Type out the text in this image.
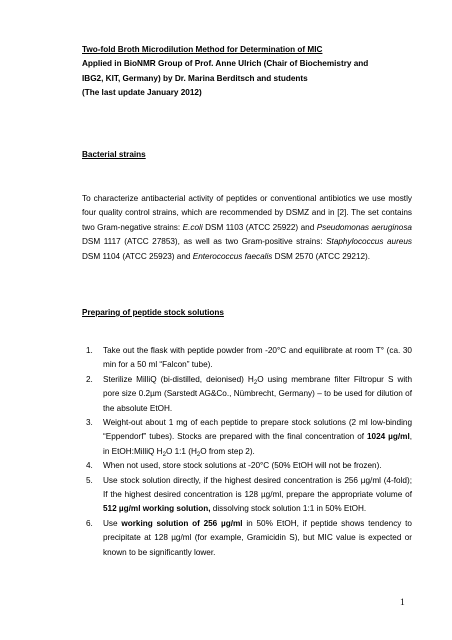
Two-fold Broth Microdilution Method for Determination of MIC
Applied in BioNMR Group of Prof. Anne Ulrich (Chair of Biochemistry and
IBG2, KIT, Germany) by Dr. Marina Berditsch and students
(The last update January 2012)
Bacterial strains
To characterize antibacterial activity of peptides or conventional antibiotics we use mostly four quality control strains, which are recommended by DSMZ and in [2]. The set contains two Gram-negative strains: E.coli DSM 1103 (ATCC 25922) and Pseudomonas aeruginosa DSM 1117 (ATCC 27853), as well as two Gram-positive strains: Staphylococcus aureus DSM 1104 (ATCC 25923) and Enterococcus faecalis DSM 2570 (ATCC 29212).
Preparing of peptide stock solutions
1. Take out the flask with peptide powder from -20°C and equilibrate at room T° (ca. 30 min for a 50 ml “Falcon” tube).
2. Sterilize MilliQ (bi-distilled, deionised) $H_2O$ using membrane filter Filtropur S with pore size 0.2µm (Sarstedt AG&Co., Nümbrecht, Germany) – to be used for dilution of the absolute EtOH.
3. Weight-out about 1 mg of each peptide to prepare stock solutions (2 ml low-binding “Eppendorf” tubes). Stocks are prepared with the final concentration of 1024 µg/ml, in EtOH:MilliQ $H_2O$ 1:1 ($H_2O$ from step 2).
4. When not used, store stock solutions at -20°C (50% EtOH will not be frozen).
5. Use stock solution directly, if the highest desired concentration is 256 µg/ml (4-fold); If the highest desired concentration is 128 µg/ml, prepare the appropriate volume of 512 µg/ml working solution, dissolving stock solution 1:1 in 50% EtOH.
6. Use working solution of 256 µg/ml in 50% EtOH, if peptide shows tendency to precipitate at 128 µg/ml (for example, Gramicidin S), but MIC value is expected or known to be significantly lower.
1
